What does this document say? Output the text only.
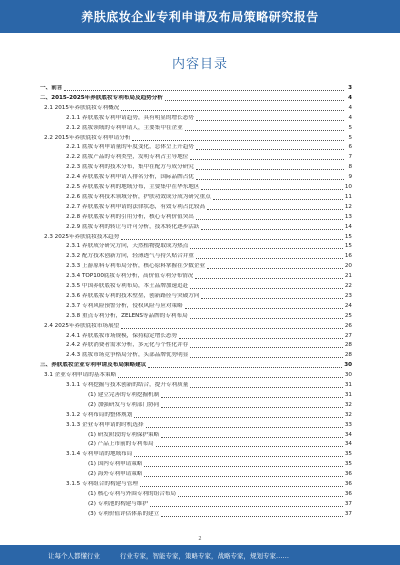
养肤底妆企业专利申请及布局策略研究报告
内容目录
一、前言	3
二、2015-2025年养肤底妆专利布局及趋势分析	4
2.1 2015年养肤底妆专利概况	4
2.1.1 养肤底妆专利申请趋势，具有明显的增长态势	4
2.1.2 底妆领域的专利申请人，主要集中在企业	5
2.2 2015年养肤底妆专利申请分析	5
2.2.1 底妆专利申请量的年度变化，总体呈上升趋势	6
2.2.2 底妆产品的专利类型，发明专利占主导地位	7
2.2.3 底妆专利的技术分布，集中在配方与成分研究	8
2.2.4 养肤底妆专利申请人排名分析，国际品牌占优	9
2.2.5 养肤底妆专利的地域分布，主要集中在华东地区	10
2.2.6 底妆专利技术领域分析，护肤功效成分成为研究重点	11
2.2.7 养肤底妆专利申请的法律状态，有效专利占比较高	12
2.2.8 养肤底妆专利的引用分析，核心专利价值突出	13
2.2.9 底妆专利的转让与许可分析，技术转化逐步活跃	14
2.3 2025年养肤底妆技术趋势	15
2.3.1 养肤成分研究方向，天然植物提取成为热点	15
2.3.2 配方技术创新方向，轻薄透气与持久贴合并重	16
2.3.3 上游原料专利布局分析，核心原料掌握在少数企业	20
2.3.4 TOP100底妆专利分析，高价值专利分布情况	21
2.3.5 中国养肤底妆专利布局，本土品牌加速追赶	22
2.3.6 养肤底妆专利的技术壁垒，创新路径与突破方向	23
2.3.7 专利风险预警分析，侵权风险与应对策略	24
2.3.8 重点专利分析，ZELENS等品牌的专利布局	25
2.4 2025年养肤底妆市场展望	26
2.4.1 养肤底妆市场规模，保持稳定增长态势	27
2.4.2 养肤消费者需求分析，多元化与个性化并存	28
2.4.3 底妆市场竞争格局分析，头部品牌优势明显	28
三、养肤底妆企业专利申请及布局策略建议	30
3.1 企业专利申请的基本策略	30
3.1.1 专利挖掘与技术创新的结合，提升专利质量	31
(1) 建立完善的专利挖掘机制	31
(2) 加强研发与专利部门协同	32
3.1.2 专利布局的整体规划	32
3.1.3 企业专利申请的时机选择	33
(1) 研发阶段的专利保护策略	34
(2) 产品上市前的专利布局	34
3.1.4 专利申请的地域布局	35
(1) 国内专利申请策略	35
(2) 海外专利申请策略	36
3.1.5 专利组合的构建与管理	36
(1) 核心专利与外围专利的组合布局	36
(2) 专利池的构建与维护	37
(3) 专利价值评估体系的建立	37
2
让每个人都懂行业	行业专家，智能专家，策略专家，战略专家，规划专家……
